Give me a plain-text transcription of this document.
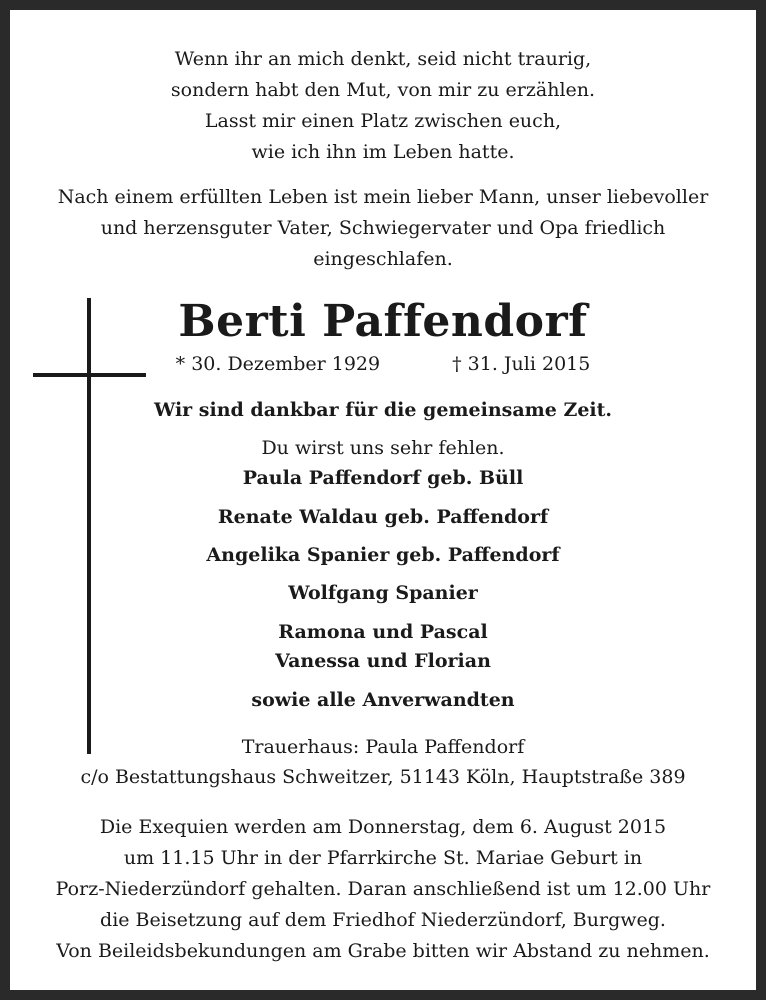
Wenn ihr an mich denkt, seid nicht traurig,
sondern habt den Mut, von mir zu erzählen.
Lasst mir einen Platz zwischen euch,
wie ich ihn im Leben hatte.
Nach einem erfüllten Leben ist mein lieber Mann, unser liebevoller
und herzensguter Vater, Schwiegervater und Opa friedlich
eingeschlafen.
Berti Paffendorf
* 30. Dezember 1929	† 31. Juli 2015
Wir sind dankbar für die gemeinsame Zeit.
Du wirst uns sehr fehlen.
Paula Paffendorf geb. Büll
Renate Waldau geb. Paffendorf
Angelika Spanier geb. Paffendorf
Wolfgang Spanier
Ramona und Pascal
Vanessa und Florian
sowie alle Anverwandten
Trauerhaus: Paula Paffendorf
c/o Bestattungshaus Schweitzer, 51143 Köln, Hauptstraße 389
Die Exequien werden am Donnerstag, dem 6. August 2015
um 11.15 Uhr in der Pfarrkirche St. Mariae Geburt in
Porz-Niederzündorf gehalten. Daran anschließend ist um 12.00 Uhr
die Beisetzung auf dem Friedhof Niederzündorf, Burgweg.
Von Beileidsbekundungen am Grabe bitten wir Abstand zu nehmen.
